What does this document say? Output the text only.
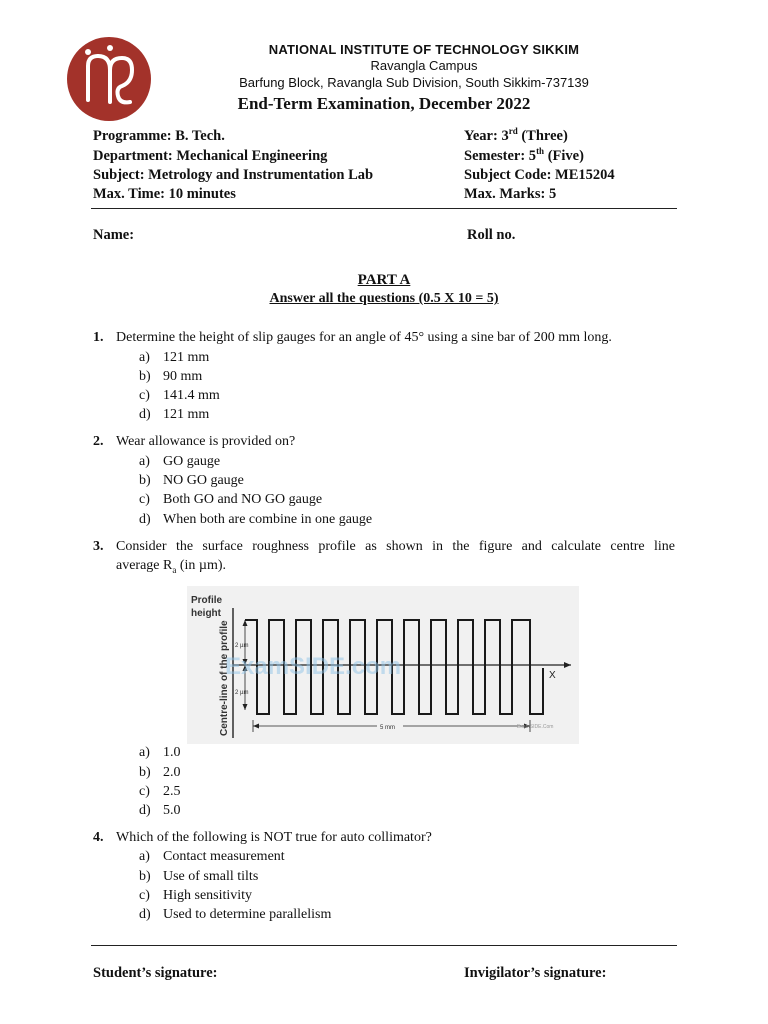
NATIONAL INSTITUTE OF TECHNOLOGY SIKKIM
Ravangla Campus
Barfung Block, Ravangla Sub Division, South Sikkim-737139
End-Term Examination, December 2022
Programme: B. Tech.
Department: Mechanical Engineering
Subject: Metrology and Instrumentation Lab
Max. Time: 10 minutes
Year: 3rd (Three)
Semester: 5th (Five)
Subject Code: ME15204
Max. Marks: 5
Name:	Roll no.
PART A
Answer all the questions (0.5 X 10 = 5)
1. Determine the height of slip gauges for an angle of 45° using a sine bar of 200 mm long.
a) 121 mm
b) 90 mm
c) 141.4 mm
d) 121 mm
2. Wear allowance is provided on?
a) GO gauge
b) NO GO gauge
c) Both GO and NO GO gauge
d) When both are combine in one gauge
3. Consider the surface roughness profile as shown in the figure and calculate centre line
average $R_a$ (in µm).
Profile
height
Centre-line of the profile 2 µm
2 µm
X
5 mm
ExamSIDE.com
ExamSIDE.Com
a) 1.0
b) 2.0
c) 2.5
d) 5.0
4. Which of the following is NOT true for auto collimator?
a) Contact measurement
b) Use of small tilts
c) High sensitivity
d) Used to determine parallelism
Student’s signature:	Invigilator’s signature:
